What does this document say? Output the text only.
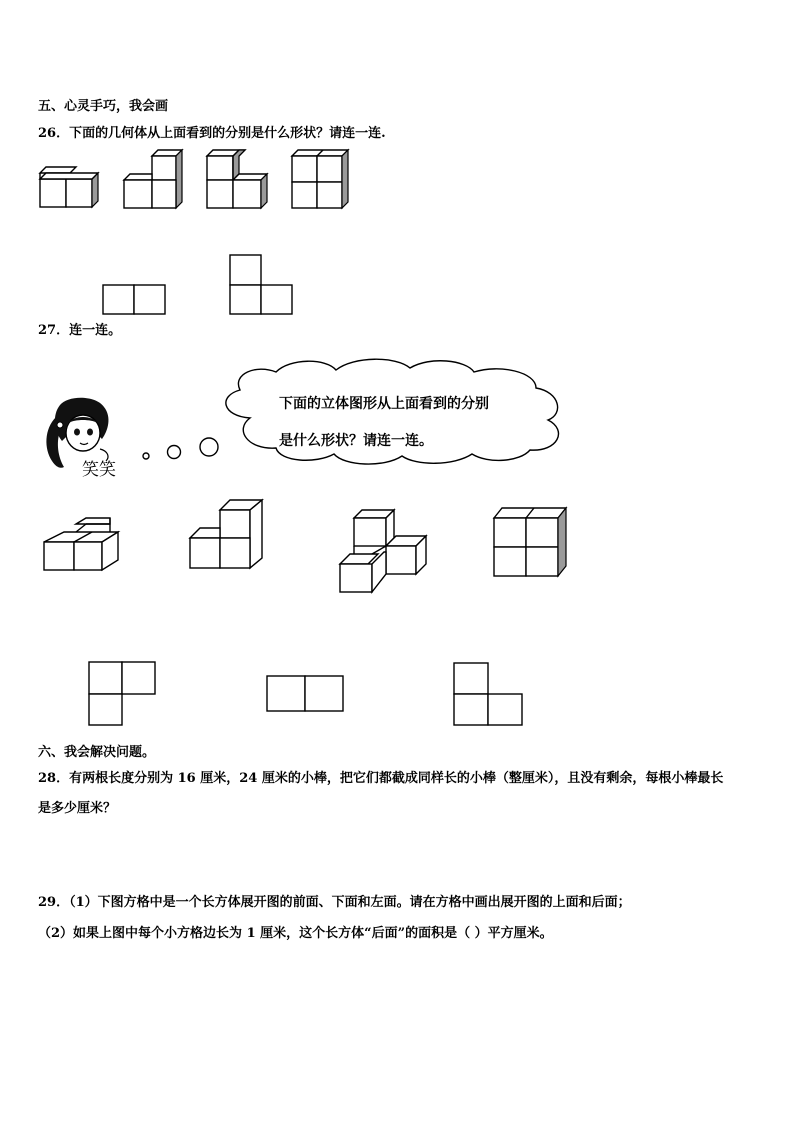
五、心灵手巧，我会画
26．下面的几何体从上面看到的分别是什么形状？请连一连.
27．连一连。
笑笑
下面的立体图形从上面看到的分别
是什么形状？请连一连。
六、我会解决问题。
28．有两根长度分别为 16 厘米，24 厘米的小棒，把它们都截成同样长的小棒（整厘米），且没有剩余，每根小棒最长
是多少厘米？
29．（1）下图方格中是一个长方体展开图的前面、下面和左面。请在方格中画出展开图的上面和后面；
（2）如果上图中每个小方格边长为 1 厘米，这个长方体“后面”的面积是（ ）平方厘米。
